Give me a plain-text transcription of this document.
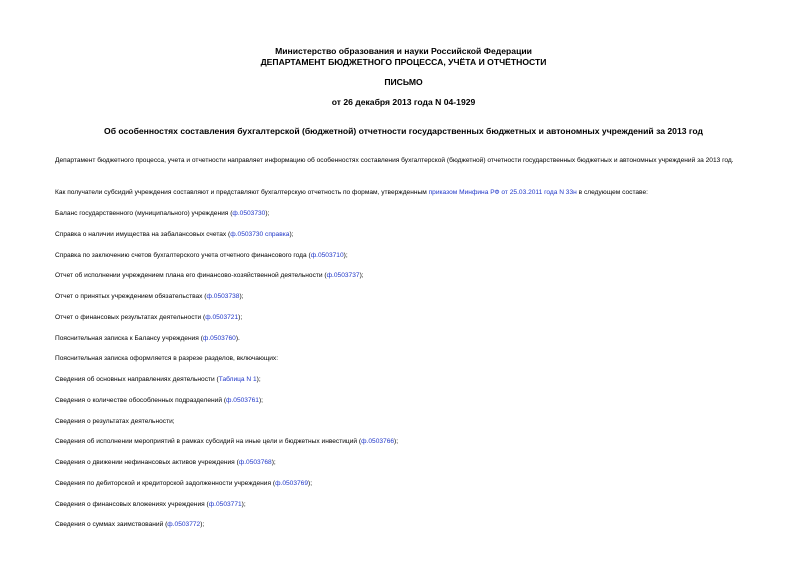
Министерство образования и науки Российской Федерации
ДЕПАРТАМЕНТ БЮДЖЕТНОГО ПРОЦЕССА, УЧЁТА И ОТЧЁТНОСТИ
ПИСЬМО
от 26 декабря 2013 года N 04-1929
Об особенностях составления бухгалтерской (бюджетной) отчетности государственных бюджетных и автономных учреждений за 2013 год
Департамент бюджетного процесса, учета и отчетности направляет информацию об особенностях составления бухгалтерской (бюджетной) отчетности государственных бюджетных и автономных учреждений за 2013 год.
Как получатели субсидий учреждения составляют и представляют бухгалтерскую отчетность по формам, утвержденным приказом Минфина РФ от 25.03.2011 года N 33н в следующем составе:
Баланс государственного (муниципального) учреждения (ф.0503730);
Справка о наличии имущества на забалансовых счетах (ф.0503730 справка);
Справка по заключению счетов бухгалтерского учета отчетного финансового года (ф.0503710);
Отчет об исполнении учреждением плана его финансово-хозяйственной деятельности (ф.0503737);
Отчет о принятых учреждением обязательствах (ф.0503738);
Отчет о финансовых результатах деятельности (ф.0503721);
Пояснительная записка к Балансу учреждения (ф.0503760).
Пояснительная записка оформляется в разрезе разделов, включающих:
Сведения об основных направлениях деятельности (Таблица N 1);
Сведения о количестве обособленных подразделений (ф.0503761);
Сведения о результатах деятельности;
Сведения об исполнении мероприятий в рамках субсидий на иные цели и бюджетных инвестиций (ф.0503766);
Сведения о движении нефинансовых активов учреждения (ф.0503768);
Сведения по дебиторской и кредиторской задолженности учреждения (ф.0503769);
Сведения о финансовых вложениях учреждения (ф.0503771);
Сведения о суммах заимствований (ф.0503772);
